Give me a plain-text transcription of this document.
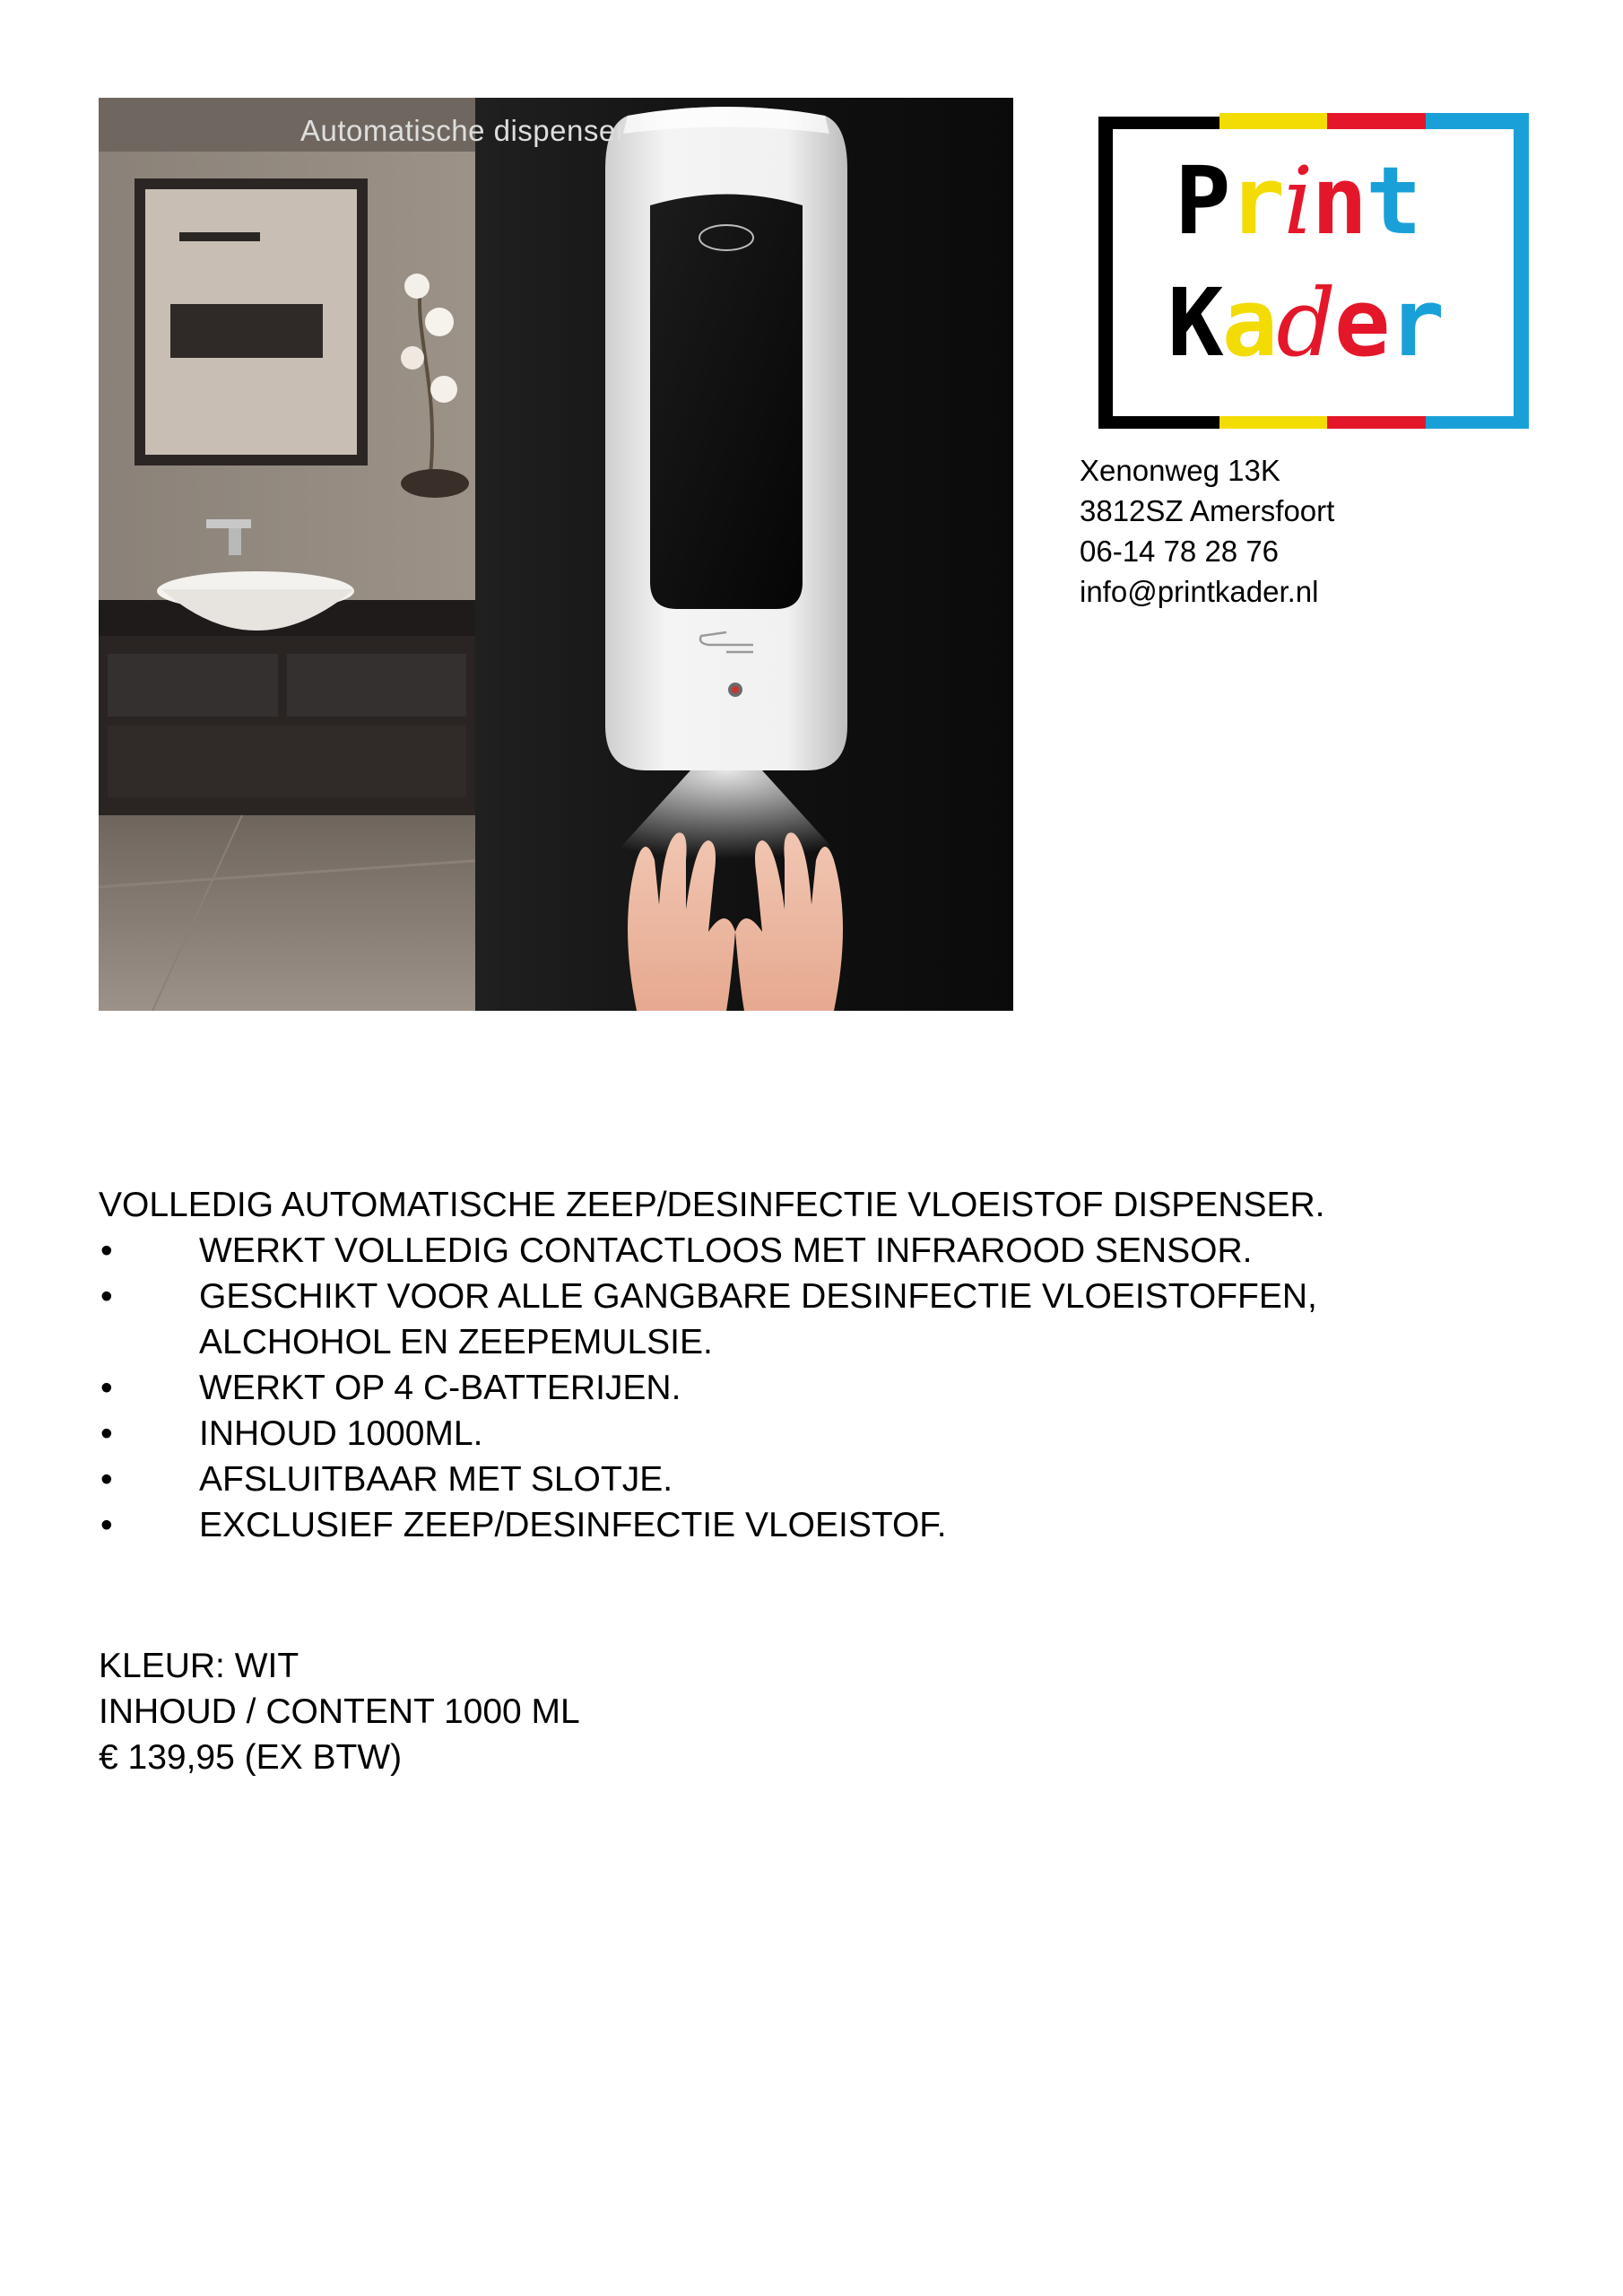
Automatische dispenser
Print
Kader
Xenonweg 13K
3812SZ Amersfoort
06-14 78 28 76
info@printkader.nl
VOLLEDIG AUTOMATISCHE ZEEP/DESINFECTIE VLOEISTOF DISPENSER.
•	WERKT VOLLEDIG CONTACTLOOS MET INFRAROOD SENSOR.
•	GESCHIKT VOOR ALLE GANGBARE DESINFECTIE VLOEISTOFFEN, ALCHOHOL EN ZEEPEMULSIE.
•	WERKT OP 4 C-BATTERIJEN.
•	INHOUD 1000ML.
•	AFSLUITBAAR MET SLOTJE.
•	EXCLUSIEF ZEEP/DESINFECTIE VLOEISTOF.
KLEUR: WIT
INHOUD / CONTENT 1000 ML
€ 139,95 (EX BTW)
